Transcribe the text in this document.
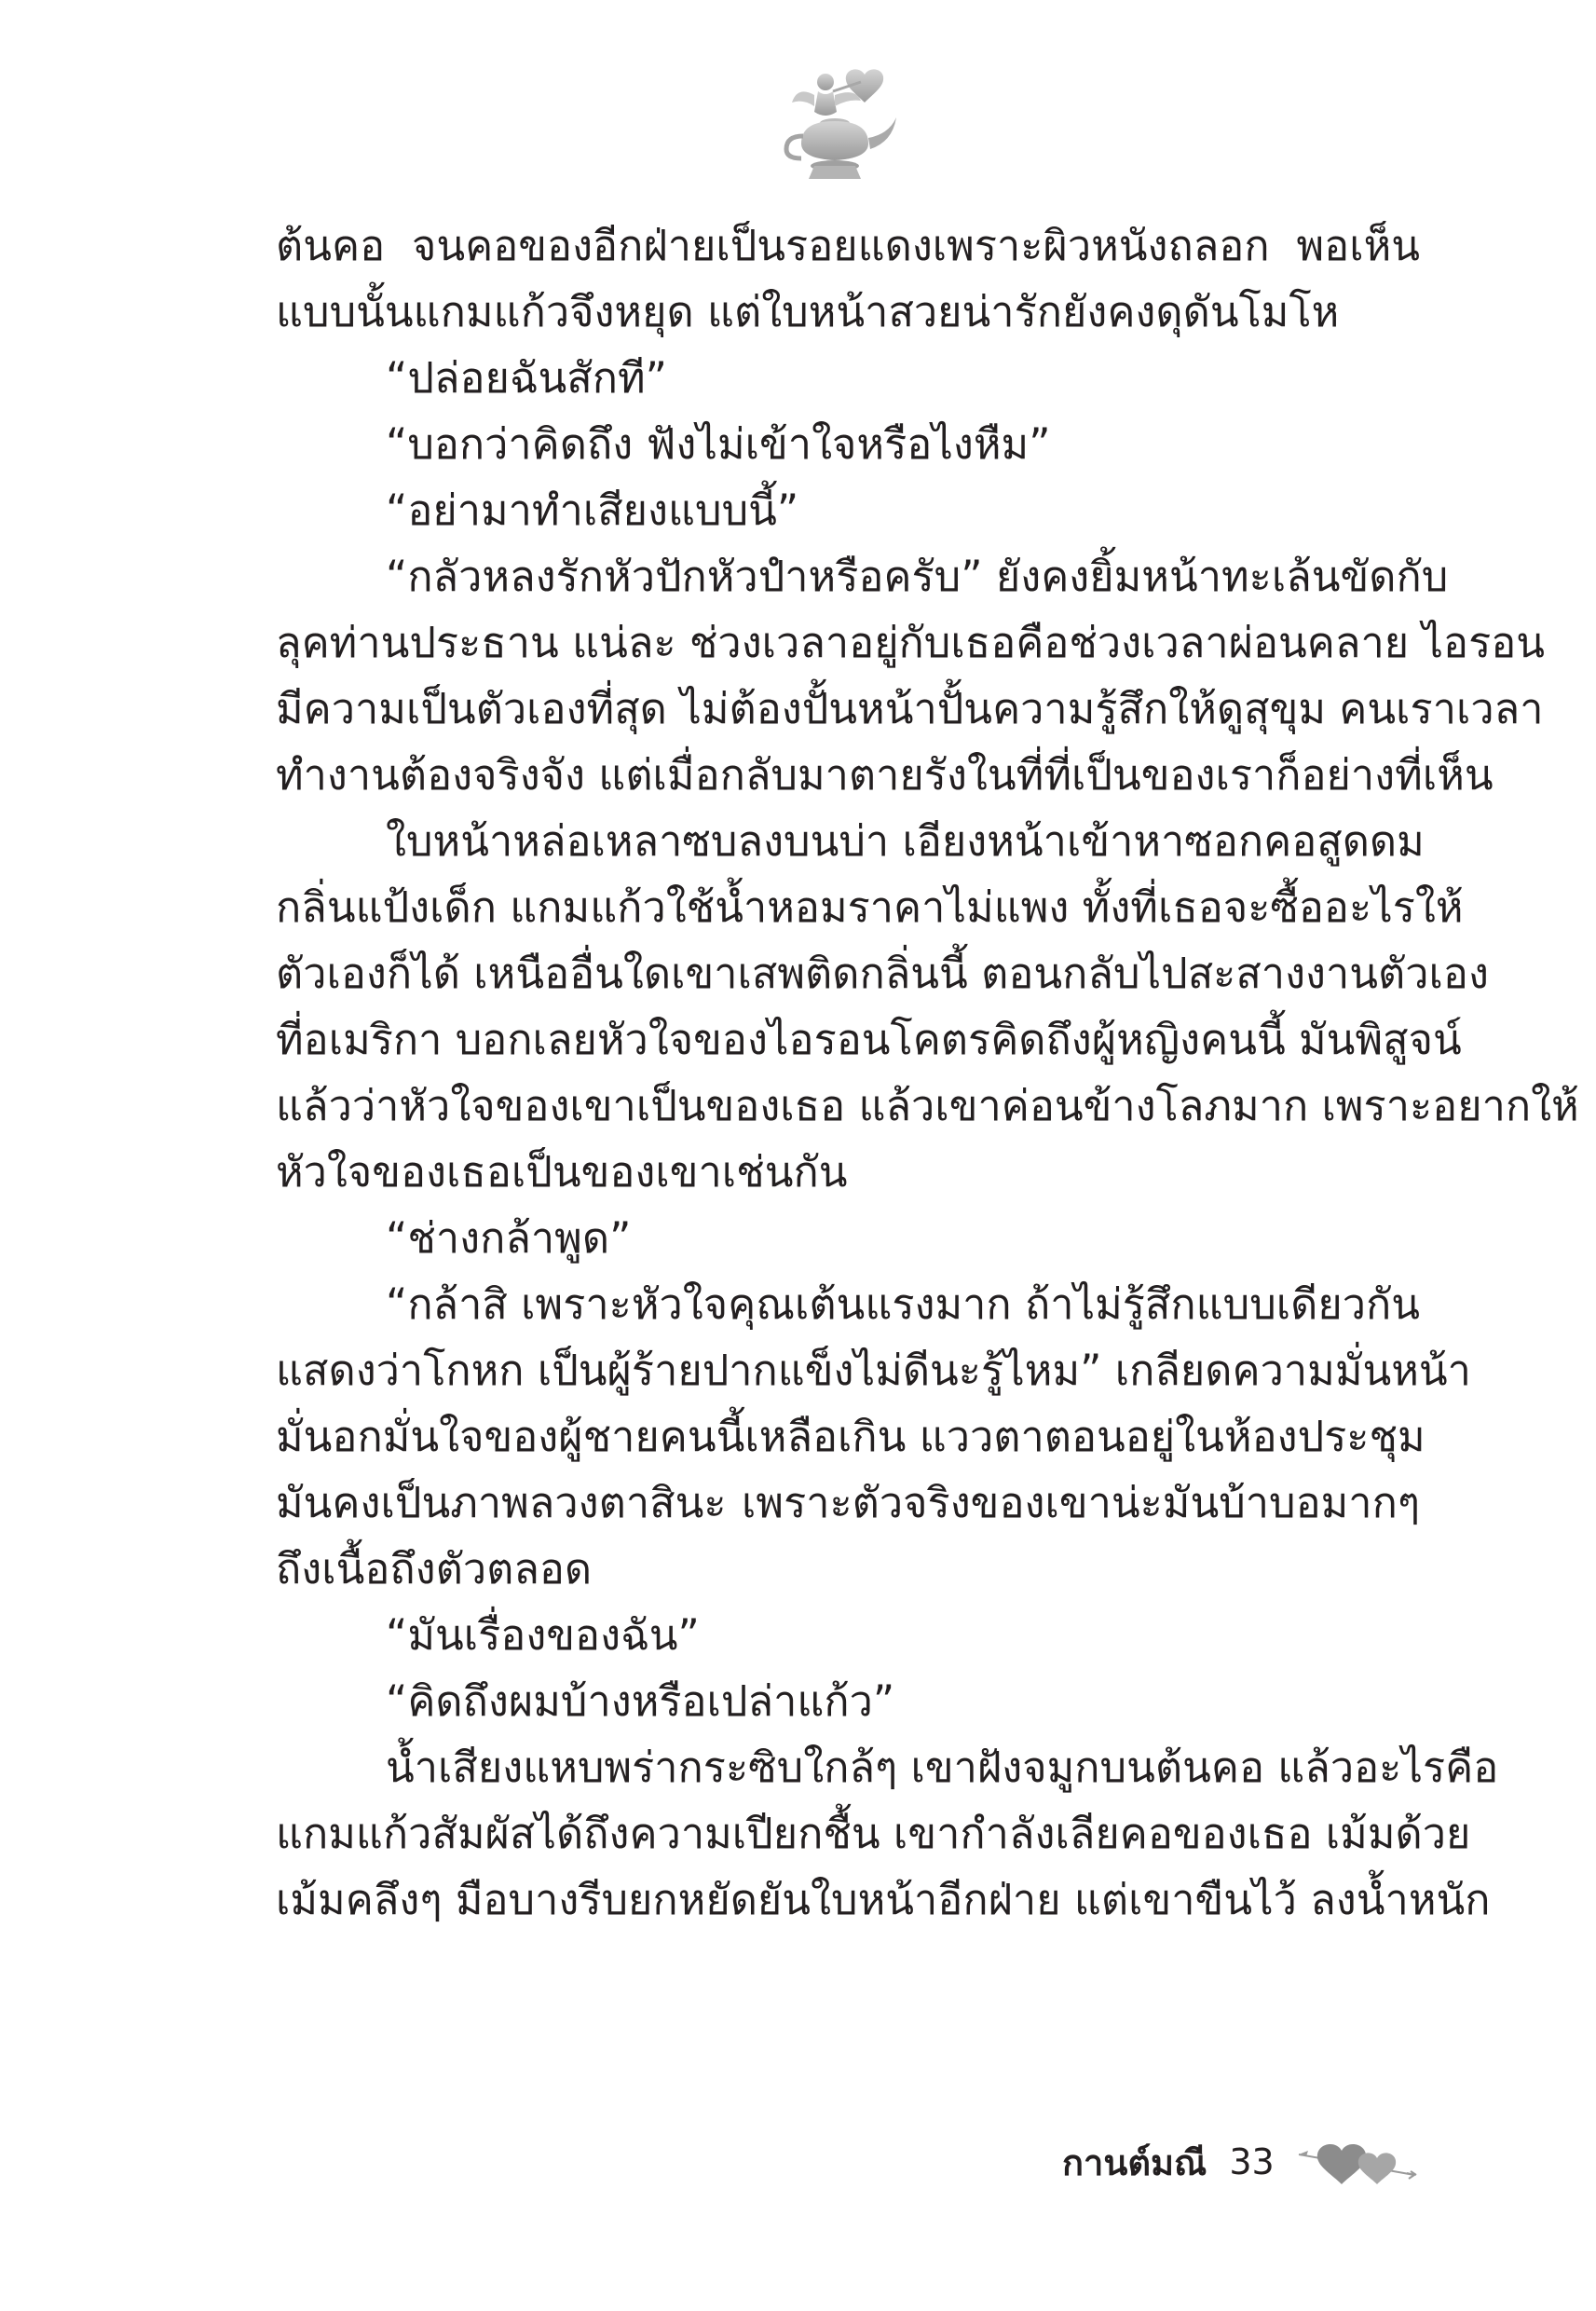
ต้นคอ จนคอของอีกฝ่ายเป็นรอยแดงเพราะผิวหนังถลอก พอเห็น
แบบนั้นแกมแก้วจึงหยุด แต่ใบหน้าสวยน่ารักยังคงดุดันโมโห
“ปล่อยฉันสักที”
“บอกว่าคิดถึง ฟังไม่เข้าใจหรือไงหืม”
“อย่ามาทำเสียงแบบนี้”
“กลัวหลงรักหัวปักหัวปำหรือครับ” ยังคงยิ้มหน้าทะเล้นขัดกับ
ลุคท่านประธาน แน่ละ ช่วงเวลาอยู่กับเธอคือช่วงเวลาผ่อนคลาย ไอรอน
มีความเป็นตัวเองที่สุด ไม่ต้องปั้นหน้าปั้นความรู้สึกให้ดูสุขุม คนเราเวลา
ทำงานต้องจริงจัง แต่เมื่อกลับมาตายรังในที่ที่เป็นของเราก็อย่างที่เห็น
ใบหน้าหล่อเหลาซบลงบนบ่า เอียงหน้าเข้าหาซอกคอสูดดม
กลิ่นแป้งเด็ก แกมแก้วใช้น้ำหอมราคาไม่แพง ทั้งที่เธอจะซื้ออะไรให้
ตัวเองก็ได้ เหนืออื่นใดเขาเสพติดกลิ่นนี้ ตอนกลับไปสะสางงานตัวเอง
ที่อเมริกา บอกเลยหัวใจของไอรอนโคตรคิดถึงผู้หญิงคนนี้ มันพิสูจน์
แล้วว่าหัวใจของเขาเป็นของเธอ แล้วเขาค่อนข้างโลภมาก เพราะอยากให้
หัวใจของเธอเป็นของเขาเช่นกัน
“ช่างกล้าพูด”
“กล้าสิ เพราะหัวใจคุณเต้นแรงมาก ถ้าไม่รู้สึกแบบเดียวกัน
แสดงว่าโกหก เป็นผู้ร้ายปากแข็งไม่ดีนะรู้ไหม” เกลียดความมั่นหน้า
มั่นอกมั่นใจของผู้ชายคนนี้เหลือเกิน แววตาตอนอยู่ในห้องประชุม
มันคงเป็นภาพลวงตาสินะ เพราะตัวจริงของเขาน่ะมันบ้าบอมากๆ
ถึงเนื้อถึงตัวตลอด
“มันเรื่องของฉัน”
“คิดถึงผมบ้างหรือเปล่าแก้ว”
น้ำเสียงแหบพร่ากระซิบใกล้ๆ เขาฝังจมูกบนต้นคอ แล้วอะไรคือ
แกมแก้วสัมผัสได้ถึงความเปียกชื้น เขากำลังเลียคอของเธอ เม้มด้วย
เม้มคลึงๆ มือบางรีบยกหยัดยันใบหน้าอีกฝ่าย แต่เขาขืนไว้ ลงน้ำหนัก
กานต์มณี 33
